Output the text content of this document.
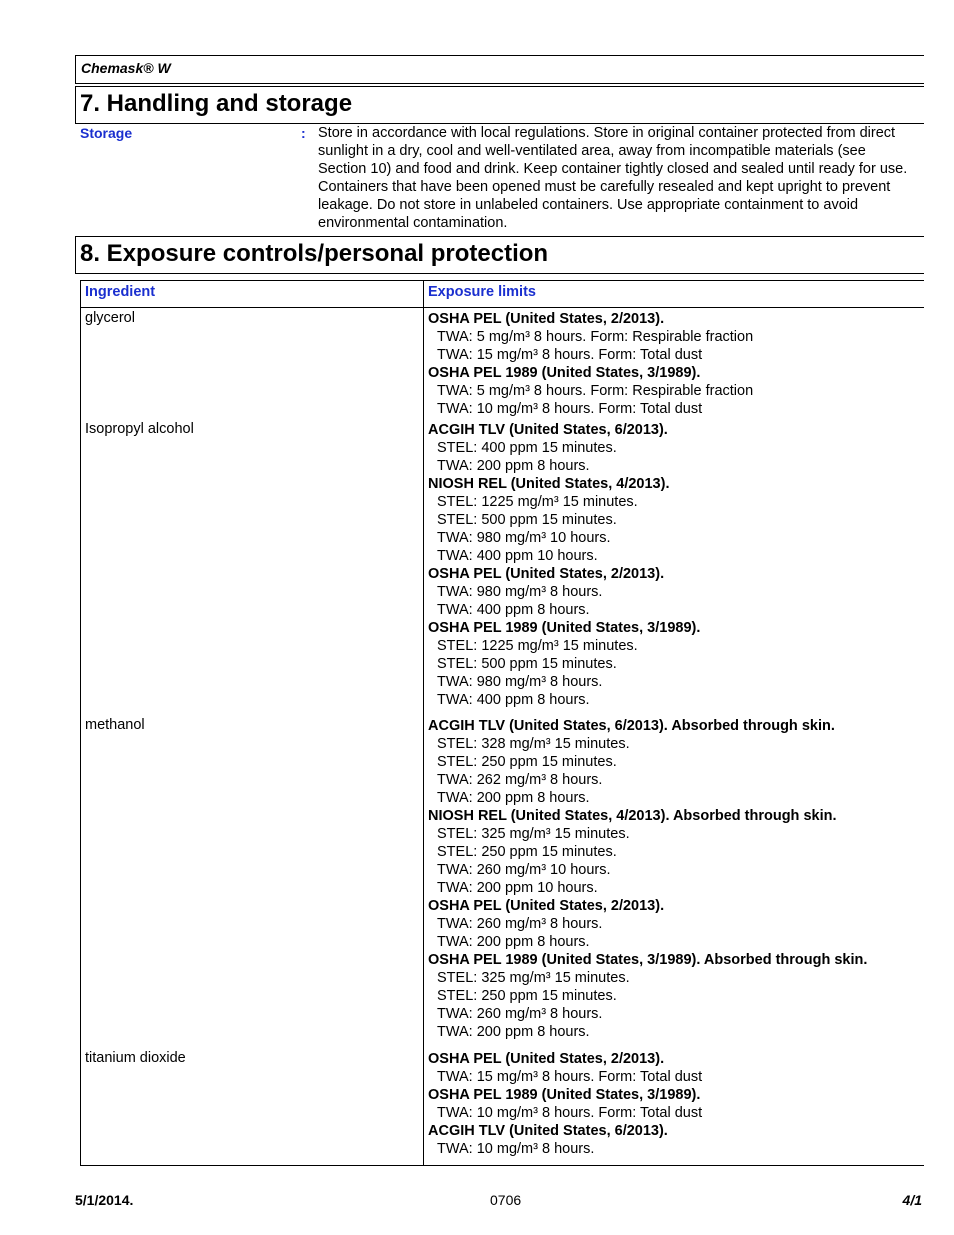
Chemask® W
7. Handling and storage
Storage	: Store in accordance with local regulations. Store in original container protected from direct sunlight in a dry, cool and well-ventilated area, away from incompatible materials (see Section 10) and food and drink. Keep container tightly closed and sealed until ready for use. Containers that have been opened must be carefully resealed and kept upright to prevent leakage. Do not store in unlabeled containers. Use appropriate containment to avoid environmental contamination.
8. Exposure controls/personal protection
Ingredient	Exposure limits
glycerol	OSHA PEL (United States, 2/2013).
TWA: 5 mg/m³ 8 hours. Form: Respirable fraction
TWA: 15 mg/m³ 8 hours. Form: Total dust
OSHA PEL 1989 (United States, 3/1989).
TWA: 5 mg/m³ 8 hours. Form: Respirable fraction
TWA: 10 mg/m³ 8 hours. Form: Total dust
Isopropyl alcohol	ACGIH TLV (United States, 6/2013).
STEL: 400 ppm 15 minutes.
TWA: 200 ppm 8 hours.
NIOSH REL (United States, 4/2013).
STEL: 1225 mg/m³ 15 minutes.
STEL: 500 ppm 15 minutes.
TWA: 980 mg/m³ 10 hours.
TWA: 400 ppm 10 hours.
OSHA PEL (United States, 2/2013).
TWA: 980 mg/m³ 8 hours.
TWA: 400 ppm 8 hours.
OSHA PEL 1989 (United States, 3/1989).
STEL: 1225 mg/m³ 15 minutes.
STEL: 500 ppm 15 minutes.
TWA: 980 mg/m³ 8 hours.
TWA: 400 ppm 8 hours.
methanol	ACGIH TLV (United States, 6/2013). Absorbed through skin.
STEL: 328 mg/m³ 15 minutes.
STEL: 250 ppm 15 minutes.
TWA: 262 mg/m³ 8 hours.
TWA: 200 ppm 8 hours.
NIOSH REL (United States, 4/2013). Absorbed through skin.
STEL: 325 mg/m³ 15 minutes.
STEL: 250 ppm 15 minutes.
TWA: 260 mg/m³ 10 hours.
TWA: 200 ppm 10 hours.
OSHA PEL (United States, 2/2013).
TWA: 260 mg/m³ 8 hours.
TWA: 200 ppm 8 hours.
OSHA PEL 1989 (United States, 3/1989). Absorbed through skin.
STEL: 325 mg/m³ 15 minutes.
STEL: 250 ppm 15 minutes.
TWA: 260 mg/m³ 8 hours.
TWA: 200 ppm 8 hours.
titanium dioxide	OSHA PEL (United States, 2/2013).
TWA: 15 mg/m³ 8 hours. Form: Total dust
OSHA PEL 1989 (United States, 3/1989).
TWA: 10 mg/m³ 8 hours. Form: Total dust
ACGIH TLV (United States, 6/2013).
TWA: 10 mg/m³ 8 hours.
5/1/2014.	0706	4/1
